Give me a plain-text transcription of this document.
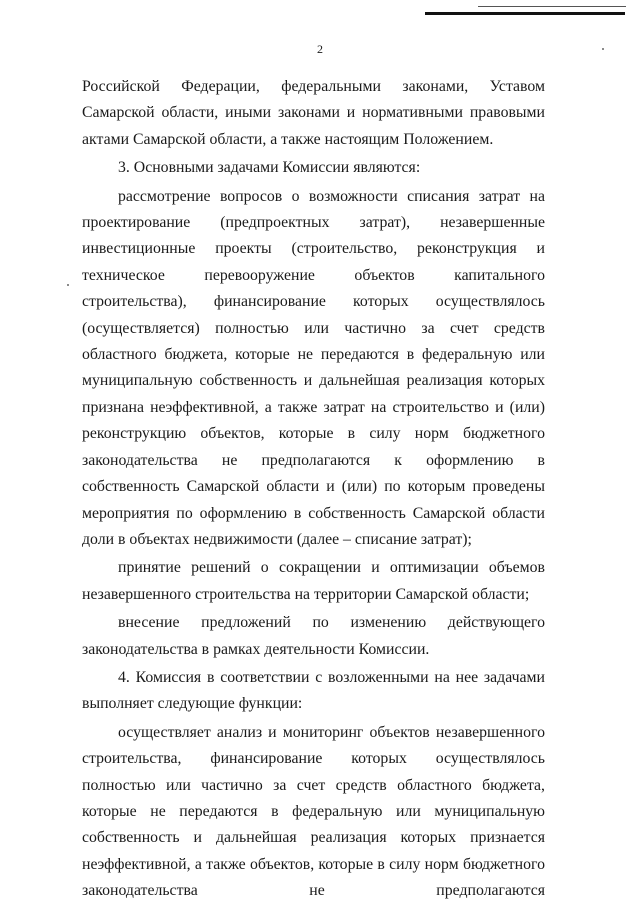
2

Российской Федерации, федеральными законами, Уставом Самарской области, иными законами и нормативными правовыми актами Самарской области, а также настоящим Положением.

3. Основными задачами Комиссии являются:

рассмотрение вопросов о возможности списания затрат на проектирование (предпроектных затрат), незавершенные инвестиционные проекты (строительство, реконструкция и техническое перевооружение объектов капитального строительства), финансирование которых осуществлялось (осуществляется) полностью или частично за счет средств областного бюджета, которые не передаются в федеральную или муниципальную собственность и дальнейшая реализация которых признана неэффективной, а также затрат на строительство и (или) реконструкцию объектов, которые в силу норм бюджетного законодательства не предполагаются к оформлению в собственность Самарской области и (или) по которым проведены мероприятия по оформлению в собственность Самарской области доли в объектах недвижимости (далее – списание затрат);

принятие решений о сокращении и оптимизации объемов незавершенного строительства на территории Самарской области;

внесение предложений по изменению действующего законодательства в рамках деятельности Комиссии.

4. Комиссия в соответствии с возложенными на нее задачами выполняет следующие функции:

осуществляет анализ и мониторинг объектов незавершенного строительства, финансирование которых осуществлялось полностью или частично за счет средств областного бюджета, которые не передаются в федеральную или муниципальную собственность и дальнейшая реализация которых признается неэффективной, а также объектов, которые в силу норм бюджетного законодательства не предполагаются
